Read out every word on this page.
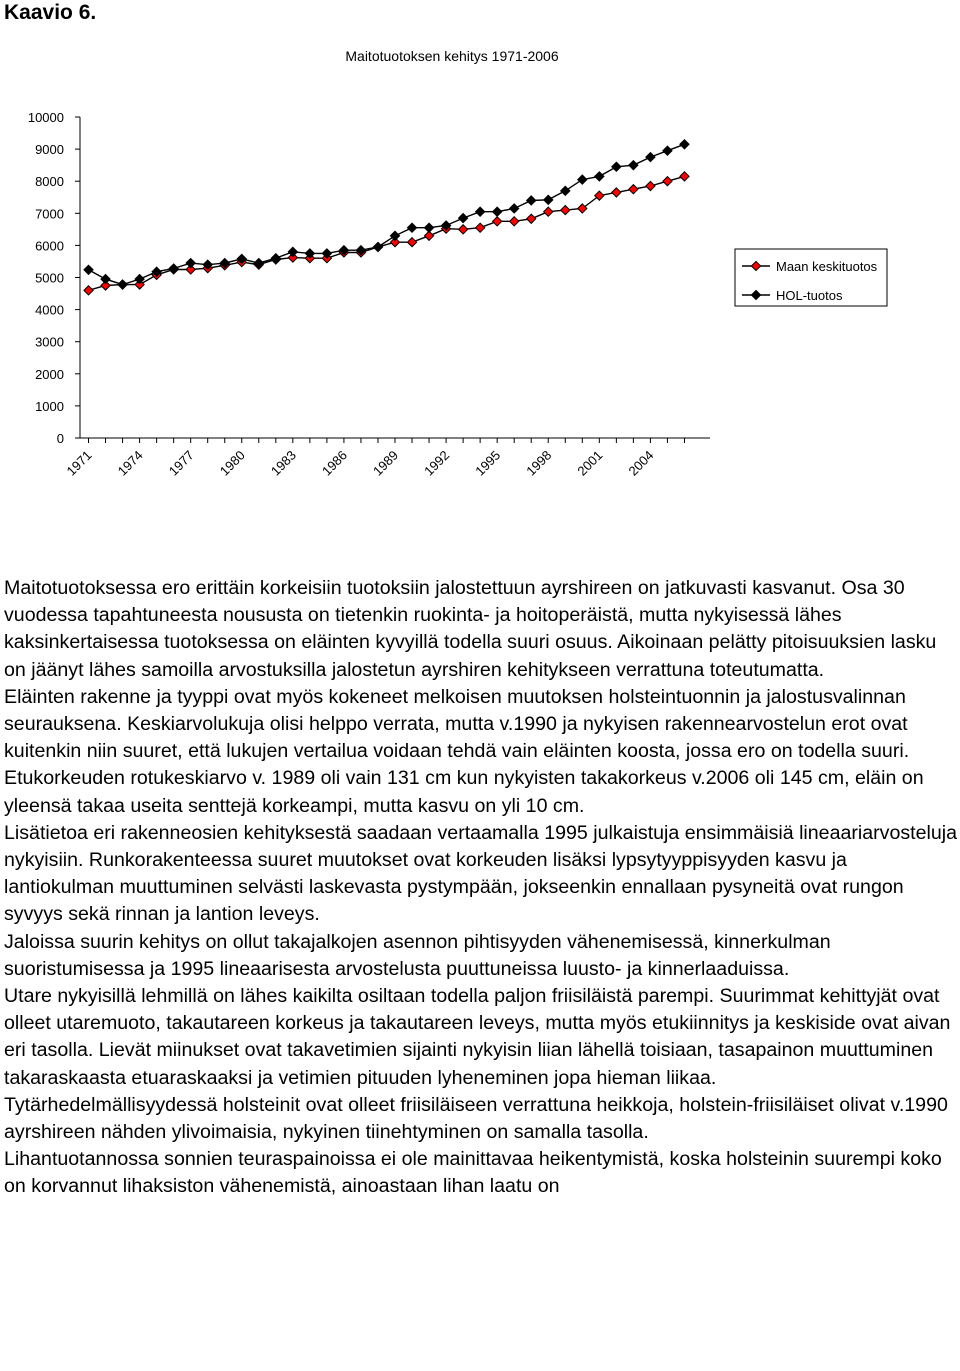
Kaavio 6.
Maitotuotoksen kehitys 1971-2006
10000
9000
8000
7000
6000
5000
4000
3000
2000
1000
0
1971 1974 1977 1980 1983 1986 1989 1992 1995 1998 2001 2004
Maan keskituotos
HOL-tuotos

Maitotuotoksessa ero erittäin korkeisiin tuotoksiin jalostettuun ayrshireen on jatkuvasti kasvanut. Osa 30 vuodessa tapahtuneesta noususta on tietenkin ruokinta- ja hoitoperäistä, mutta nykyisessä lähes kaksinkertaisessa tuotoksessa on eläinten kyvyillä todella suuri osuus. Aikoinaan pelätty pitoisuuksien lasku on jäänyt lähes samoilla arvostuksilla jalostetun ayrshiren kehitykseen verrattuna toteutumatta.

Eläinten rakenne ja tyyppi ovat myös kokeneet melkoisen muutoksen holsteintuonnin ja jalostusvalinnan seurauksena. Keskiarvolukuja olisi helppo verrata, mutta v.1990 ja nykyisen rakennearvostelun erot ovat kuitenkin niin suuret, että lukujen vertailua voidaan tehdä vain eläinten koosta, jossa ero on todella suuri. Etukorkeuden rotukeskiarvo v. 1989 oli vain 131 cm kun nykyisten takakorkeus v.2006 oli 145 cm, eläin on yleensä takaa useita senttejä korkeampi, mutta kasvu on yli 10 cm.

Lisätietoa eri rakenneosien kehityksestä saadaan vertaamalla 1995 julkaistuja ensimmäisiä lineaariarvosteluja nykyisiin. Runkorakenteessa suuret muutokset ovat korkeuden lisäksi lypsytyyppisyyden kasvu ja lantiokulman muuttuminen selvästi laskevasta pystympään, jokseenkin ennallaan pysyneitä ovat rungon syvyys sekä rinnan ja lantion leveys.

Jaloissa suurin kehitys on ollut takajalkojen asennon pihtisyyden vähenemisessä, kinnerkulman suoristumisessa ja 1995 lineaarisesta arvostelusta puuttuneissa luusto- ja kinnerlaaduissa.

Utare nykyisillä lehmillä on lähes kaikilta osiltaan todella paljon friisiläistä parempi. Suurimmat kehittyjät ovat olleet utaremuoto, takautareen korkeus ja takautareen leveys, mutta myös etukiinnitys ja keskiside ovat aivan eri tasolla. Lievät miinukset ovat takavetimien sijainti nykyisin liian lähellä toisiaan, tasapainon muuttuminen takaraskaasta etuaraskaaksi ja vetimien pituuden lyheneminen jopa hieman liikaa.

Tytärhedelmällisyydessä holsteinit ovat olleet friisiläiseen verrattuna heikkoja, holstein-friisiläiset olivat v.1990 ayrshireen nähden ylivoimaisia, nykyinen tiinehtyminen on samalla tasolla.

Lihantuotannossa sonnien teuraspainoissa ei ole mainittavaa heikentymistä, koska holsteinin suurempi koko on korvannut lihaksiston vähenemistä, ainoastaan lihan laatu on
